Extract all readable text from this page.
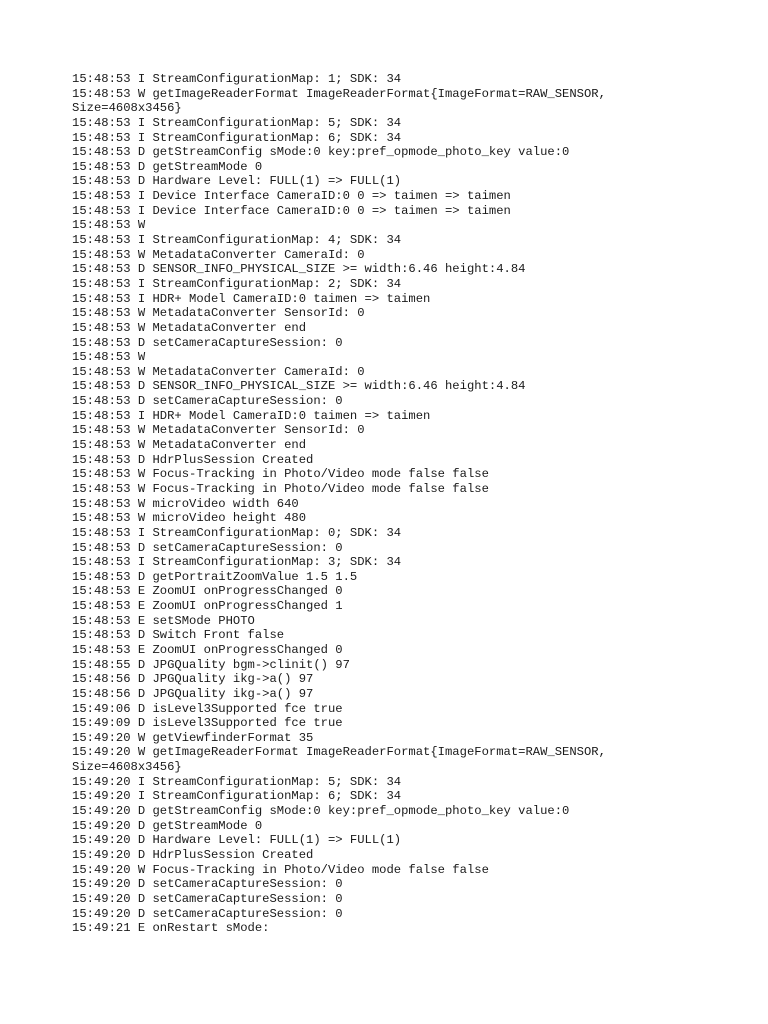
15:48:53 I StreamConfigurationMap: 1; SDK: 34
15:48:53 W getImageReaderFormat ImageReaderFormat{ImageFormat=RAW_SENSOR,
Size=4608x3456}
15:48:53 I StreamConfigurationMap: 5; SDK: 34
15:48:53 I StreamConfigurationMap: 6; SDK: 34
15:48:53 D getStreamConfig sMode:0 key:pref_opmode_photo_key value:0
15:48:53 D getStreamMode 0
15:48:53 D Hardware Level: FULL(1) => FULL(1)
15:48:53 I Device Interface CameraID:0 0 => taimen => taimen
15:48:53 I Device Interface CameraID:0 0 => taimen => taimen
15:48:53 W
15:48:53 I StreamConfigurationMap: 4; SDK: 34
15:48:53 W MetadataConverter CameraId: 0
15:48:53 D SENSOR_INFO_PHYSICAL_SIZE >= width:6.46 height:4.84
15:48:53 I StreamConfigurationMap: 2; SDK: 34
15:48:53 I HDR+ Model CameraID:0 taimen => taimen
15:48:53 W MetadataConverter SensorId: 0
15:48:53 W MetadataConverter end
15:48:53 D setCameraCaptureSession: 0
15:48:53 W
15:48:53 W MetadataConverter CameraId: 0
15:48:53 D SENSOR_INFO_PHYSICAL_SIZE >= width:6.46 height:4.84
15:48:53 D setCameraCaptureSession: 0
15:48:53 I HDR+ Model CameraID:0 taimen => taimen
15:48:53 W MetadataConverter SensorId: 0
15:48:53 W MetadataConverter end
15:48:53 D HdrPlusSession Created
15:48:53 W Focus-Tracking in Photo/Video mode false false
15:48:53 W Focus-Tracking in Photo/Video mode false false
15:48:53 W microVideo width 640
15:48:53 W microVideo height 480
15:48:53 I StreamConfigurationMap: 0; SDK: 34
15:48:53 D setCameraCaptureSession: 0
15:48:53 I StreamConfigurationMap: 3; SDK: 34
15:48:53 D getPortraitZoomValue 1.5 1.5
15:48:53 E ZoomUI onProgressChanged 0
15:48:53 E ZoomUI onProgressChanged 1
15:48:53 E setSMode PHOTO
15:48:53 D Switch Front false
15:48:53 E ZoomUI onProgressChanged 0
15:48:55 D JPGQuality bgm->clinit() 97
15:48:56 D JPGQuality ikg->a() 97
15:48:56 D JPGQuality ikg->a() 97
15:49:06 D isLevel3Supported fce true
15:49:09 D isLevel3Supported fce true
15:49:20 W getViewfinderFormat 35
15:49:20 W getImageReaderFormat ImageReaderFormat{ImageFormat=RAW_SENSOR,
Size=4608x3456}
15:49:20 I StreamConfigurationMap: 5; SDK: 34
15:49:20 I StreamConfigurationMap: 6; SDK: 34
15:49:20 D getStreamConfig sMode:0 key:pref_opmode_photo_key value:0
15:49:20 D getStreamMode 0
15:49:20 D Hardware Level: FULL(1) => FULL(1)
15:49:20 D HdrPlusSession Created
15:49:20 W Focus-Tracking in Photo/Video mode false false
15:49:20 D setCameraCaptureSession: 0
15:49:20 D setCameraCaptureSession: 0
15:49:20 D setCameraCaptureSession: 0
15:49:21 E onRestart sMode:
